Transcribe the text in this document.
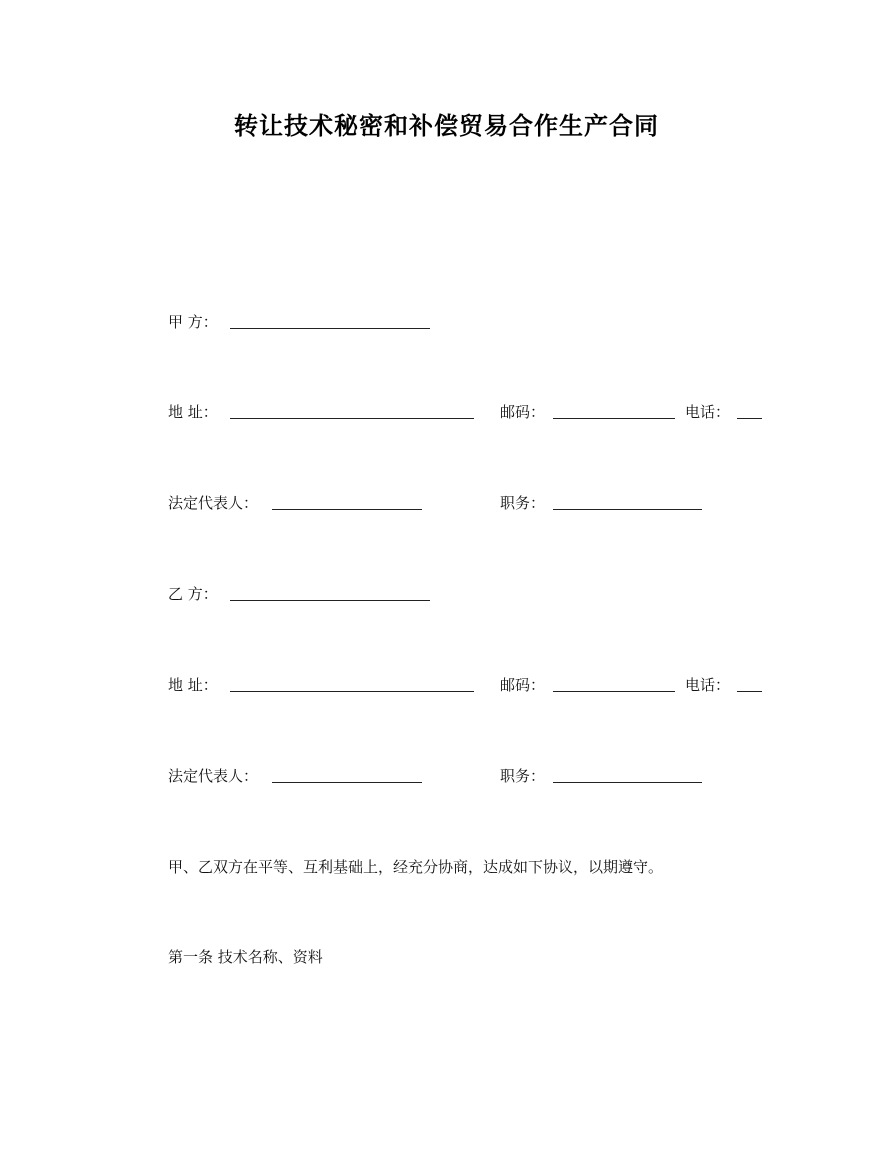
转让技术秘密和补偿贸易合作生产合同
甲 方：
地 址：	邮码：	电话：
法定代表人：	职务：
乙 方：
地 址：	邮码：	电话：
法定代表人：	职务：
甲、乙双方在平等、互利基础上，经充分协商，达成如下协议，以期遵守。
第一条 技术名称、资料
